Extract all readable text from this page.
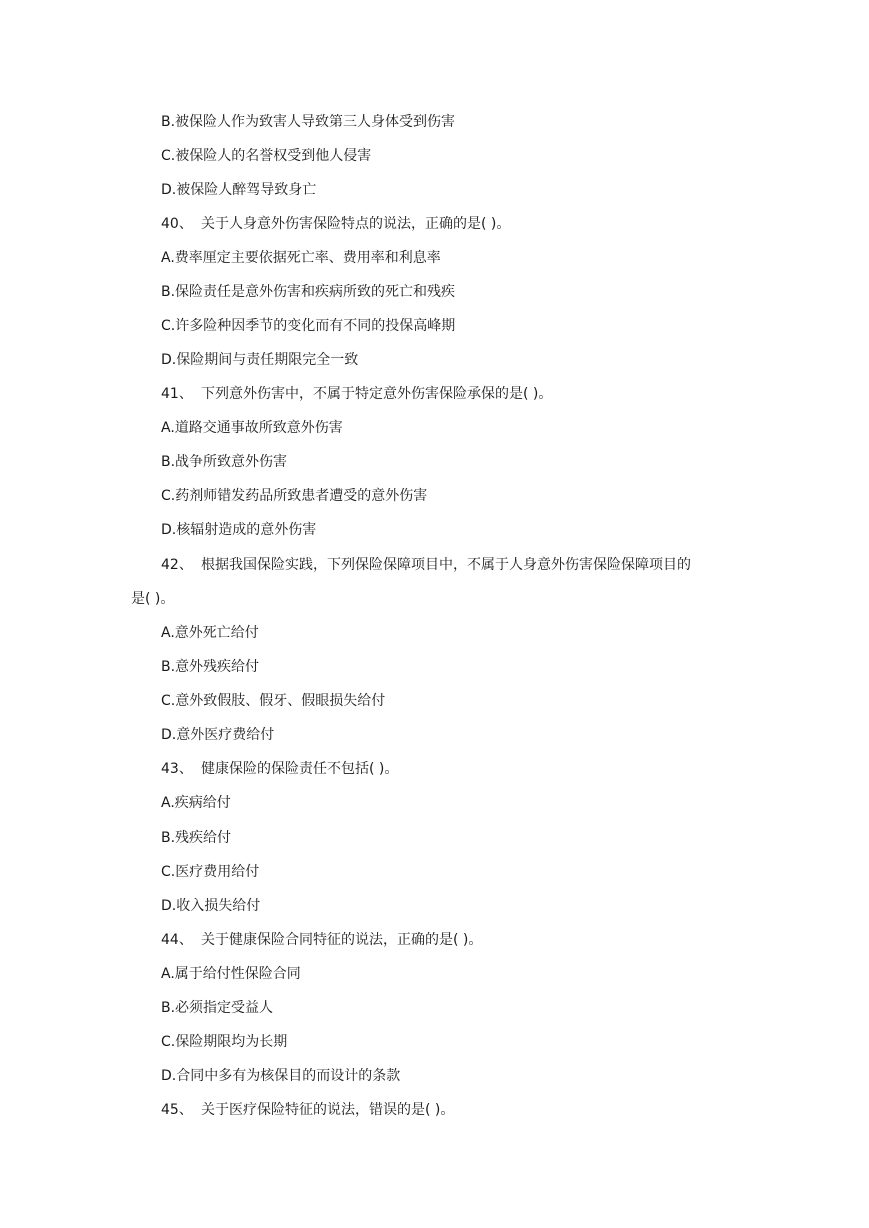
B.被保险人作为致害人导致第三人身体受到伤害
C.被保险人的名誉权受到他人侵害
D.被保险人醉驾导致身亡
40、 关于人身意外伤害保险特点的说法，正确的是( )。
A.费率厘定主要依据死亡率、费用率和利息率
B.保险责任是意外伤害和疾病所致的死亡和残疾
C.许多险种因季节的变化而有不同的投保高峰期
D.保险期间与责任期限完全一致
41、 下列意外伤害中，不属于特定意外伤害保险承保的是( )。
A.道路交通事故所致意外伤害
B.战争所致意外伤害
C.药剂师错发药品所致患者遭受的意外伤害
D.核辐射造成的意外伤害
42、 根据我国保险实践，下列保险保障项目中，不属于人身意外伤害保险保障项目的
是( )。
A.意外死亡给付
B.意外残疾给付
C.意外致假肢、假牙、假眼损失给付
D.意外医疗费给付
43、 健康保险的保险责任不包括( )。
A.疾病给付
B.残疾给付
C.医疗费用给付
D.收入损失给付
44、 关于健康保险合同特征的说法，正确的是( )。
A.属于给付性保险合同
B.必须指定受益人
C.保险期限均为长期
D.合同中多有为核保目的而设计的条款
45、 关于医疗保险特征的说法，错误的是( )。
